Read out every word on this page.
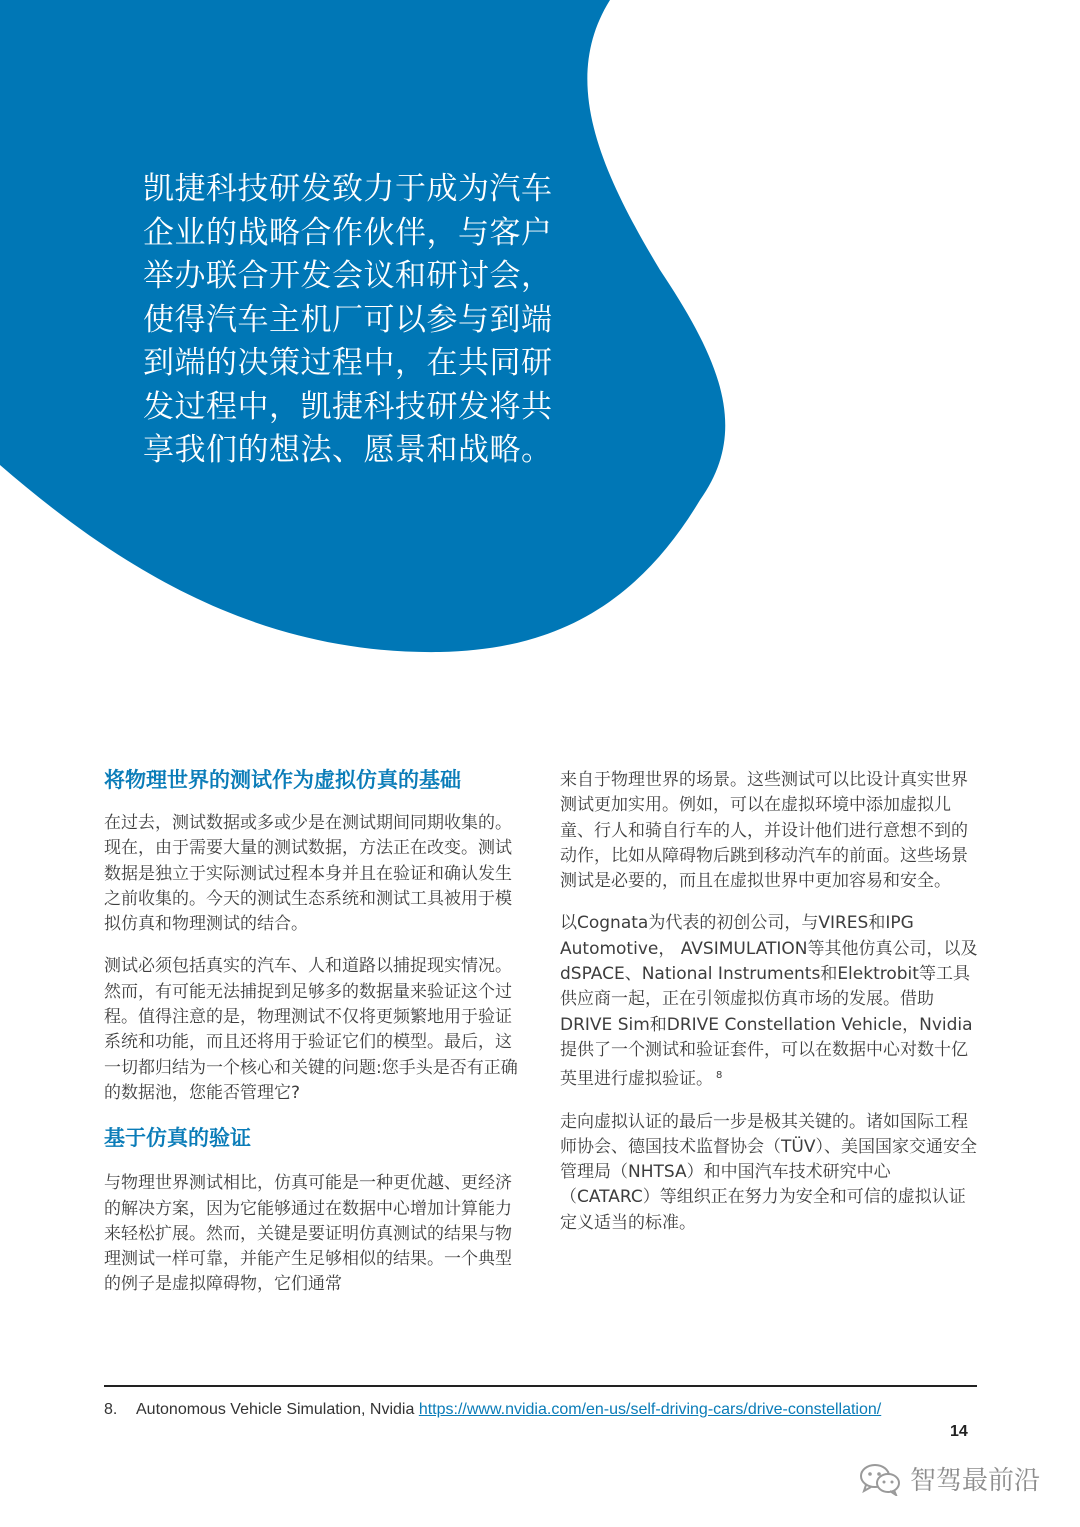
凯捷科技研发致力于成为汽车企业的战略合作伙伴，与客户举办联合开发会议和研讨会，使得汽车主机厂可以参与到端到端的决策过程中，在共同研发过程中，凯捷科技研发将共享我们的想法、愿景和战略。
将物理世界的测试作为虚拟仿真的基础

在过去，测试数据或多或少是在测试期间同期收集的。现在，由于需要大量的测试数据，方法正在改变。测试数据是独立于实际测试过程本身并且在验证和确认发生之前收集的。今天的测试生态系统和测试工具被用于模拟仿真和物理测试的结合。

测试必须包括真实的汽车、人和道路以捕捉现实情况。然而，有可能无法捕捉到足够多的数据量来验证这个过程。值得注意的是，物理测试不仅将更频繁地用于验证系统和功能，而且还将用于验证它们的模型。最后，这一切都归结为一个核心和关键的问题:您手头是否有正确的数据池，您能否管理它?

基于仿真的验证

与物理世界测试相比，仿真可能是一种更优越、更经济的解决方案，因为它能够通过在数据中心增加计算能力来轻松扩展。然而，关键是要证明仿真测试的结果与物理测试一样可靠，并能产生足够相似的结果。一个典型的例子是虚拟障碍物，它们通常

来自于物理世界的场景。这些测试可以比设计真实世界测试更加实用。例如，可以在虚拟环境中添加虚拟儿童、行人和骑自行车的人，并设计他们进行意想不到的动作，比如从障碍物后跳到移动汽车的前面。这些场景测试是必要的，而且在虚拟世界中更加容易和安全。

以Cognata为代表的初创公司，与VIRES和IPG Automotive， AVSIMULATION等其他仿真公司，以及dSPACE、National Instruments和Elektrobit等工具供应商一起，正在引领虚拟仿真市场的发展。借助DRIVE Sim和DRIVE Constellation Vehicle，Nvidia提供了一个测试和验证套件，可以在数据中心对数十亿英里进行虚拟验证。 $^8$

走向虚拟认证的最后一步是极其关键的。诸如国际工程师协会、德国技术监督协会（TÜV）、美国国家交通安全管理局（NHTSA）和中国汽车技术研究中心（CATARC）等组织正在努力为安全和可信的虚拟认证定义适当的标准。

8. Autonomous Vehicle Simulation, Nvidia https://www.nvidia.com/en-us/self-driving-cars/drive-constellation/
14
智驾最前沿
